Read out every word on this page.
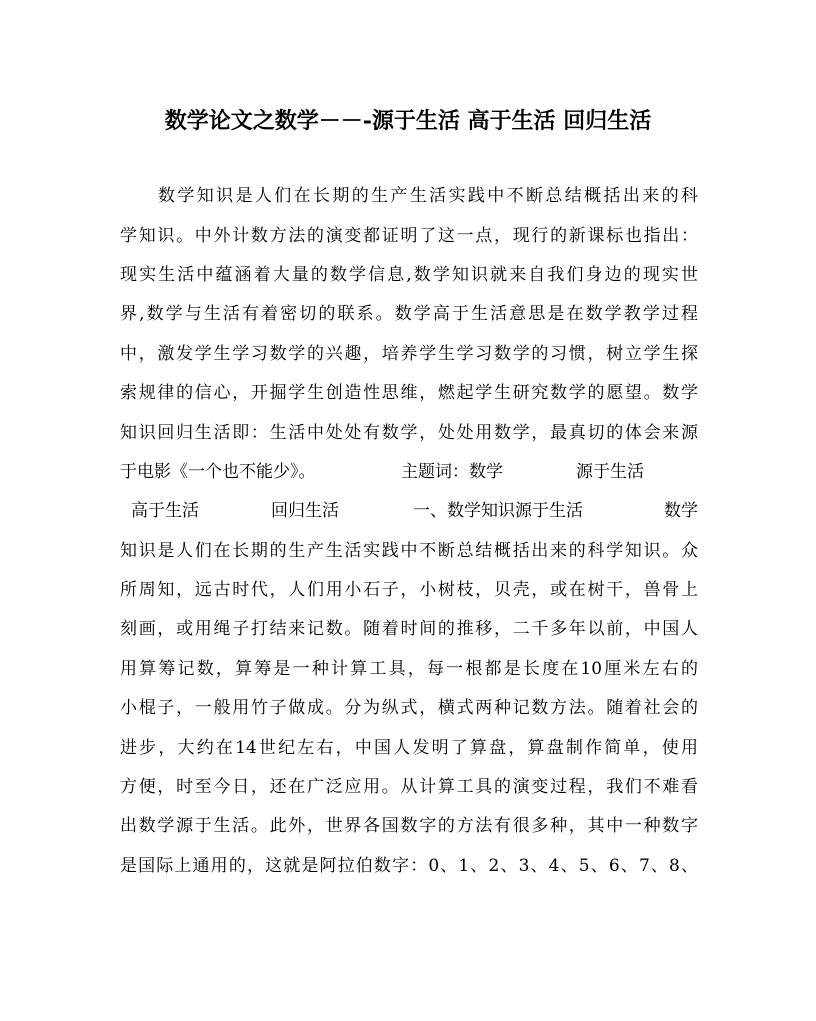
数学论文之数学－－-源于生活 高于生活 回归生活
数学知识是人们在长期的生产生活实践中不断总结概括出来的科
学知识。中外计数方法的演变都证明了这一点，现行的新课标也指出：
现实生活中蕴涵着大量的数学信息,数学知识就来自我们身边的现实世
界,数学与生活有着密切的联系。数学高于生活意思是在数学教学过程
中，激发学生学习数学的兴趣，培养学生学习数学的习惯，树立学生探
索规律的信心，开掘学生创造性思维，燃起学生研究数学的愿望。数学
知识回归生活即：生活中处处有数学，处处用数学，最真切的体会来源
于电影《一个也不能少》。	主题词：数学	源于生活
高于生活	回归生活	一、数学知识源于生活	数学
知识是人们在长期的生产生活实践中不断总结概括出来的科学知识。众
所周知，远古时代，人们用小石子，小树枝，贝壳，或在树干，兽骨上
刻画，或用绳子打结来记数。随着时间的推移，二千多年以前，中国人
用算筹记数，算筹是一种计算工具，每一根都是长度在10厘米左右的
小棍子，一般用竹子做成。分为纵式，横式两种记数方法。随着社会的
进步，大约在14世纪左右，中国人发明了算盘，算盘制作简单，使用
方便，时至今日，还在广泛应用。从计算工具的演变过程，我们不难看
出数学源于生活。此外，世界各国数字的方法有很多种，其中一种数字
是国际上通用的，这就是阿拉伯数字：0、1、2、3、4、5、6、7、8、
